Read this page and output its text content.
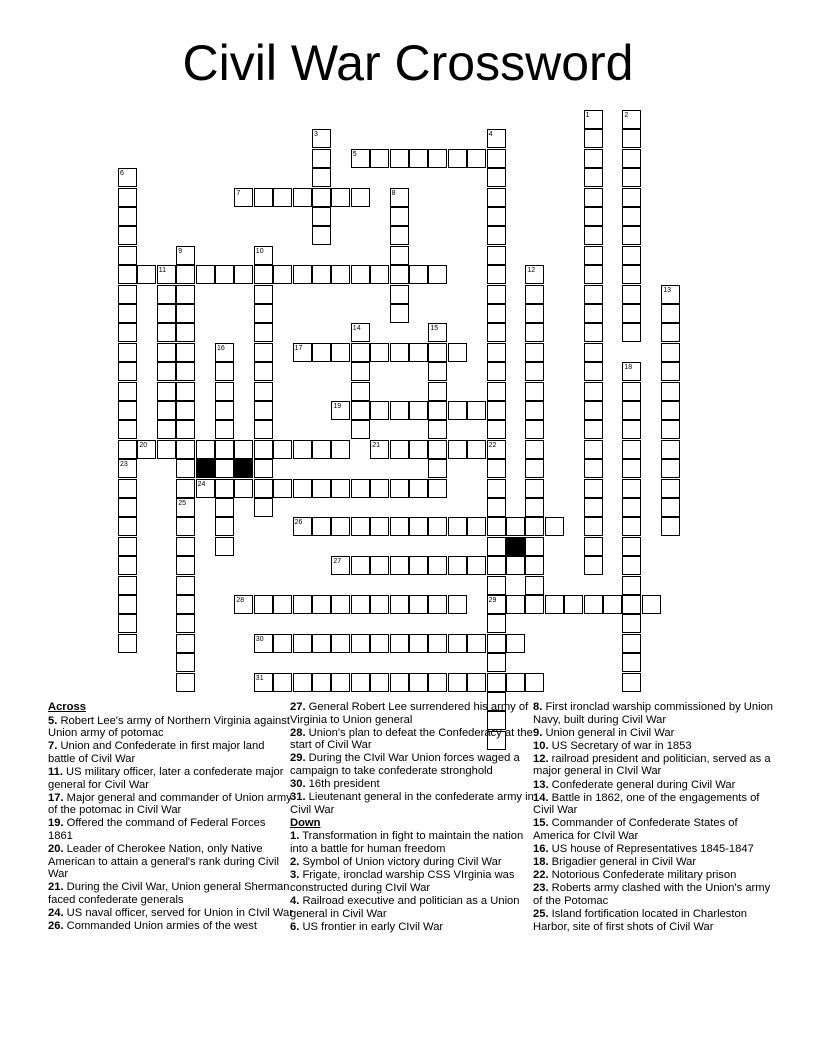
Civil War Crossword
1	2
3	4
6
23
8
9
25
10
12
13
14	15
16
18
22
29
5
7
11
17
19
20	21
24
26
27
28
30
31
Across
5. Robert Lee's army of Northern Virginia against Union army of potomac
7. Union and Confederate in first major land battle of Civil War
11. US military officer, later a confederate major general for Civil War
17. Major general and commander of Union army of the potomac in Civil War
19. Offered the command of Federal Forces 1861
20. Leader of Cherokee Nation, only Native American to attain a general's rank during Civil War
21. During the Civil War, Union general Sherman faced confederate generals
24. US naval officer, served for Union in CIvil War
26. Commanded Union armies of the west
27. General Robert Lee surrendered his army of Virginia to Union general
28. Union's plan to defeat the Confederacy at the start of Civil War
29. During the CIvil War Union forces waged a campaign to take confederate stronghold
30. 16th president
31. Lieutenant general in the confederate army in Civil War
Down
1. Transformation in fight to maintain the nation into a battle for human freedom
2. Symbol of Union victory during Civil War
3. Frigate, ironclad warship CSS VIrginia was constructed during CIvil War
4. Railroad executive and politician as a Union general in Civil War
6. US frontier in early CIvil War
8. First ironclad warship commissioned by Union Navy, built during Civil War
9. Union general in Civil War
10. US Secretary of war in 1853
12. railroad president and politician, served as a major general in CIvil War
13. Confederate general during Civil War
14. Battle in 1862, one of the engagements of Civil War
15. Commander of Confederate States of America for CIvil War
16. US house of Representatives 1845-1847
18. Brigadier general in Civil War
22. Notorious Confederate military prison
23. Roberts army clashed with the Union's army of the Potomac
25. Island fortification located in Charleston Harbor, site of first shots of Civil War
